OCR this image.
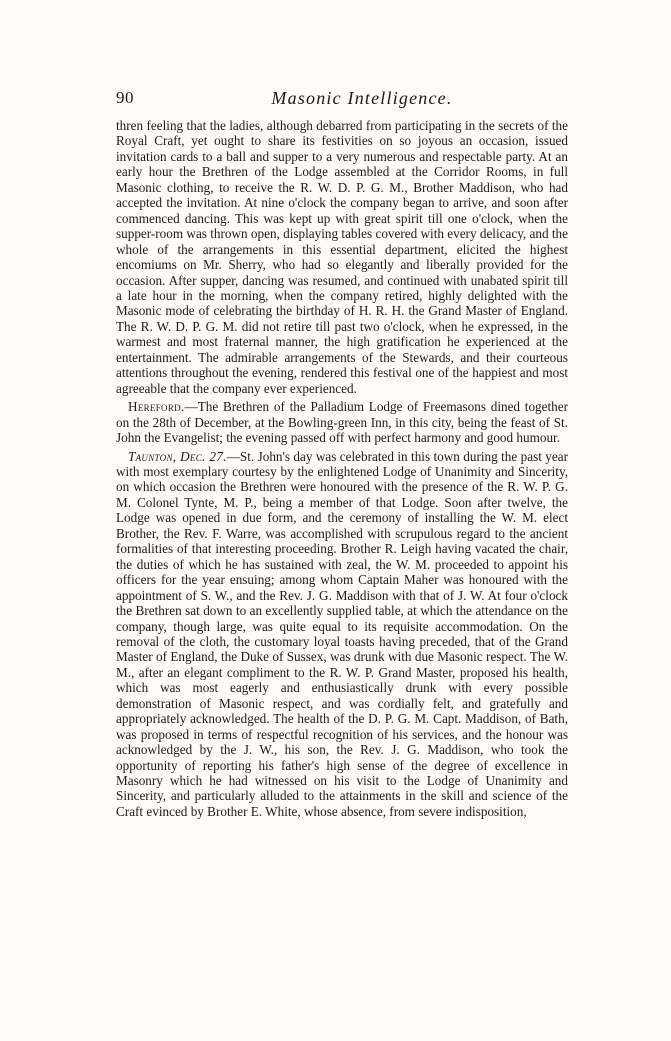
90	Masonic Intelligence.

thren feeling that the ladies, although debarred from participating in the secrets of the Royal Craft, yet ought to share its festivities on so joyous an occasion, issued invitation cards to a ball and supper to a very numerous and respectable party. At an early hour the Brethren of the Lodge assembled at the Corridor Rooms, in full Masonic clothing, to receive the R. W. D. P. G. M., Brother Maddison, who had accepted the invitation. At nine o'clock the company began to arrive, and soon after commenced dancing. This was kept up with great spirit till one o'clock, when the supper-room was thrown open, displaying tables covered with every delicacy, and the whole of the arrangements in this essential department, elicited the highest encomiums on Mr. Sherry, who had so elegantly and liberally provided for the occasion. After supper, dancing was resumed, and continued with unabated spirit till a late hour in the morning, when the company retired, highly delighted with the Masonic mode of celebrating the birthday of H. R. H. the Grand Master of England. The R. W. D. P. G. M. did not retire till past two o'clock, when he expressed, in the warmest and most fraternal manner, the high gratification he experienced at the entertainment. The admirable arrangements of the Stewards, and their courteous attentions throughout the evening, rendered this festival one of the happiest and most agreeable that the company ever experienced.

Hereford.—The Brethren of the Palladium Lodge of Freemasons dined together on the 28th of December, at the Bowling-green Inn, in this city, being the feast of St. John the Evangelist; the evening passed off with perfect harmony and good humour.

Taunton, Dec. 27.—St. John's day was celebrated in this town during the past year with most exemplary courtesy by the enlightened Lodge of Unanimity and Sincerity, on which occasion the Brethren were honoured with the presence of the R. W. P. G. M. Colonel Tynte, M. P., being a member of that Lodge. Soon after twelve, the Lodge was opened in due form, and the ceremony of installing the W. M. elect Brother, the Rev. F. Warre, was accomplished with scrupulous regard to the ancient formalities of that interesting proceeding. Brother R. Leigh having vacated the chair, the duties of which he has sustained with zeal, the W. M. proceeded to appoint his officers for the year ensuing; among whom Captain Maher was honoured with the appointment of S. W., and the Rev. J. G. Maddison with that of J. W. At four o'clock the Brethren sat down to an excellently supplied table, at which the attendance on the company, though large, was quite equal to its requisite accommodation. On the removal of the cloth, the customary loyal toasts having preceded, that of the Grand Master of England, the Duke of Sussex, was drunk with due Masonic respect. The W. M., after an elegant compliment to the R. W. P. Grand Master, proposed his health, which was most eagerly and enthusiastically drunk with every possible demonstration of Masonic respect, and was cordially felt, and gratefully and appropriately acknowledged. The health of the D. P. G. M. Capt. Maddison, of Bath, was proposed in terms of respectful recognition of his services, and the honour was acknowledged by the J. W., his son, the Rev. J. G. Maddison, who took the opportunity of reporting his father's high sense of the degree of excellence in Masonry which he had witnessed on his visit to the Lodge of Unanimity and Sincerity, and particularly alluded to the attainments in the skill and science of the Craft evinced by Brother E. White, whose absence, from severe indisposition,
